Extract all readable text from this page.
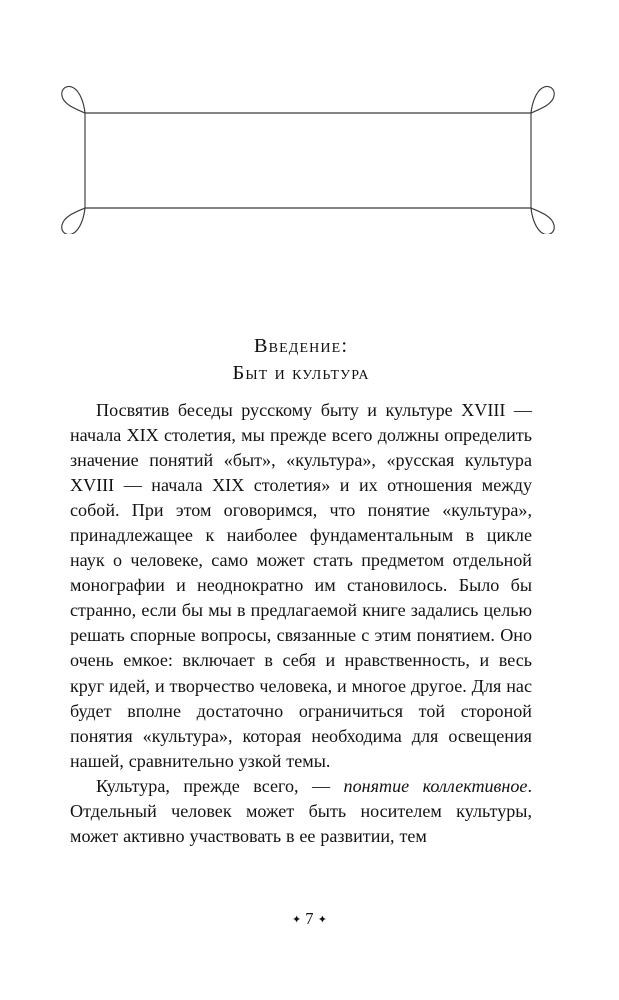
Введение:
Быт и культура

Посвятив беседы русскому быту и культуре XVIII — начала XIX столетия, мы прежде всего должны определить значение понятий «быт», «культура», «русская культура XVIII — начала XIX столетия» и их отношения между собой. При этом оговоримся, что понятие «культура», принадлежащее к наиболее фундаментальным в цикле наук о человеке, само может стать предметом отдельной монографии и неоднократно им становилось. Было бы странно, если бы мы в предлагаемой книге задались целью решать спорные вопросы, связанные с этим понятием. Оно очень емкое: включает в себя и нравственность, и весь круг идей, и творчество человека, и многое другое. Для нас будет вполне достаточно ограничиться той стороной понятия «культура», которая необходима для освещения нашей, сравнительно узкой темы.

Культура, прежде всего, — понятие коллективное. Отдельный человек может быть носителем культуры, может активно участвовать в ее развитии, тем

✦ 7 ✦
